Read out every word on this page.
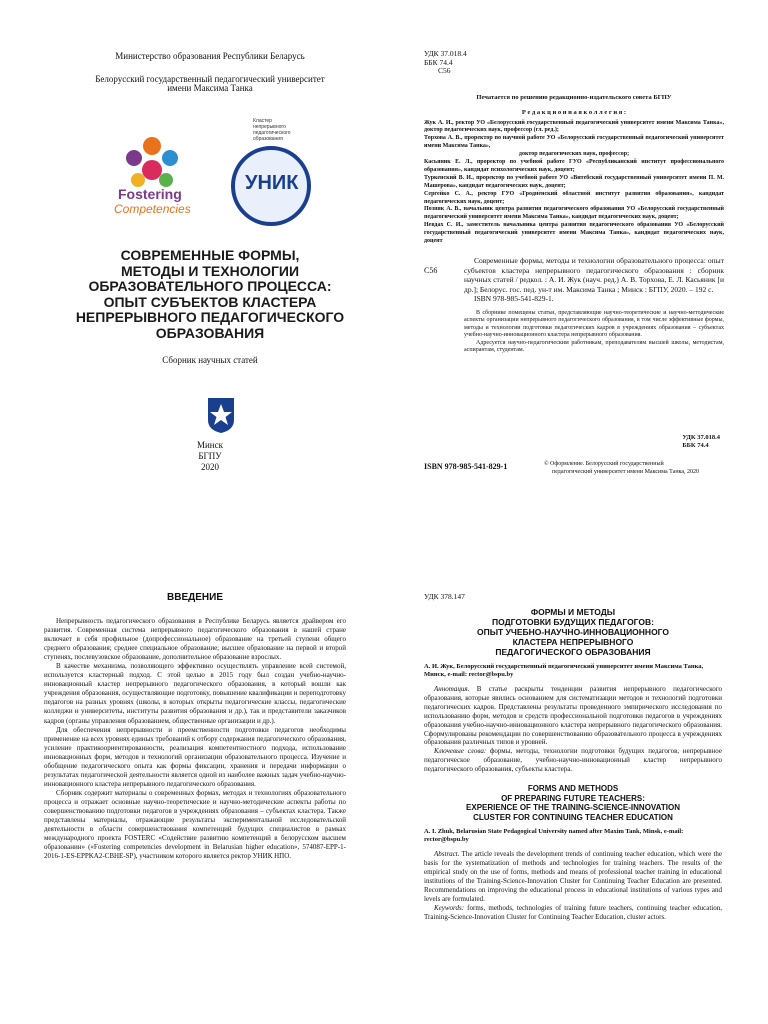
Министерство образования Республики Беларусь
Белорусский государственный педагогический университет
имени Максима Танка
Fostering
Competencies
Кластер
непрерывного
педагогического
образования
УНИК
СОВРЕМЕННЫЕ ФОРМЫ,
МЕТОДЫ И ТЕХНОЛОГИИ
ОБРАЗОВАТЕЛЬНОГО ПРОЦЕССА:
ОПЫТ СУБЪЕКТОВ КЛАСТЕРА
НЕПРЕРЫВНОГО ПЕДАГОГИЧЕСКОГО
ОБРАЗОВАНИЯ
Сборник научных статей
Минск
БГПУ
2020
УДК 37.018.4
ББК 74.4
С56
Печатается по решению редакционно-издательского совета БГПУ
Р е д а к ц и о н н а я к о л л е г и я :

Жук А. И., ректор УО «Белорусский государственный педагогический университет имени Максима Танка», доктор педагогических наук, профессор (гл. ред.);

Торхова А. В., проректор по научной работе УО «Белорусский государственный педагогический университет имени Максима Танка»,

доктор педагогических наук, профессор;

Касьяник Е. Л., проректор по учебной работе ГУО «Республиканский институт профессионального образования», кандидат психологических наук, доцент;

Туркенский В. И., проректор по учебной работе УО «Витебский государственный университет имени П. М. Машерова», кандидат педагогических наук, доцент;

Сергейко С. А., ректор ГУО «Гродненский областной институт развития образования», кандидат педагогических наук, доцент;

Позняк А. В., начальник центра развития педагогического образования УО «Белорусский государственный педагогический университет имени Максима Танка», кандидат педагогических наук, доцент;

Невдах С. И., заместитель начальника центра развития педагогического образования УО «Белорусский государственный педагогический университет имени Максима Танка», кандидат педагогических наук, доцент

С56
Современные формы, методы и технологии образовательного процесса: опыт субъектов кластера непрерывного педагогического образования : сборник научных статей / редкол. : А. И. Жук (науч. ред.) А. В. Торхова, Е. Л. Касьяник [и др.]; Белорус. гос. пед. ун-т им. Максима Танка ; Минск : БГПУ, 2020. – 192 с.
ISBN 978-985-541-829-1.

В сборнике помещены статьи, представляющие научно-теоретические и научно-методические аспекты организации непрерывного педагогического образования, в том числе эффективные формы, методы и технологии подготовки педагогических кадров в учреждениях образования – субъектах учебно-научно-инновационного кластера непрерывного образования.

Адресуется научно-педагогическим работникам, преподавателям высшей школы, методистам, аспирантам, студентам.

УДК 37.018.4
ББК 74.4
ISBN 978-985-541-829-1	© Оформление. Белорусский государственный
педагогический университет имени Максима Танка, 2020
ВВЕДЕНИЕ

Непрерывность педагогического образования в Республике Беларусь является драйвером его развития. Современная система непрерывного педагогического образования в нашей стране включает в себя профильное (допрофессиональное) образование на третьей ступени общего среднего образования; среднее специальное образование; высшее образование на первой и второй ступенях, послевузовское образование, дополнительное образование взрослых.

В качестве механизма, позволяющего эффективно осуществлять управление всей системой, используется кластерный подход. С этой целью в 2015 году был создан учебно-научно-инновационный кластер непрерывного педагогического образования, в который вошли как учреждения образования, осуществляющие подготовку, повышение квалификации и переподготовку педагогов на разных уровнях (школы, в которых открыты педагогические классы, педагогические колледжи и университеты, институты развития образования и др.), так и представители заказчиков кадров (органы управления образованием, общественные организации и др.).

Для обеспечения непрерывности и преемственности подготовки педагогов необходимы применение на всех уровнях единых требований к отбору содержания педагогического образования, усиление практикоориентированности, реализация компетентностного подхода, использование инновационных форм, методов и технологий организации образовательного процесса. Изучение и обобщение педагогического опыта как формы фиксации, хранения и передачи информации о результатах педагогической деятельности является одной из наиболее важных задач учебно-научно-инновационного кластера непрерывного педагогического образования.

Сборник содержит материалы о современных формах, методах и технологиях образовательного процесса и отражает основные научно-теоретические и научно-методические аспекты работы по совершенствованию подготовки педагогов в учреждениях образования – субъектах кластера. Также представлены материалы, отражающие результаты экспериментальной исследовательской деятельности в области совершенствования компетенций будущих специалистов в рамках международного проекта FOSTERC «Содействие развитию компетенций в белорусском высшем образовании» («Fostering competencies development in Belarusian higher education», 574087-EPP-1-2016-1-ES-EPPKA2-CBHE-SP), участником которого является ректор УНИК НПО.

УДК 378.147
ФОРМЫ И МЕТОДЫ
ПОДГОТОВКИ БУДУЩИХ ПЕДАГОГОВ:
ОПЫТ УЧЕБНО-НАУЧНО-ИННОВАЦИОННОГО
КЛАСТЕРА НЕПРЕРЫВНОГО
ПЕДАГОГИЧЕСКОГО ОБРАЗОВАНИЯ
А. И. Жук, Белорусский государственный педагогический университет имени Максима Танка, Минск, e-mail: rector@bspu.by
Аннотация. В статье раскрыты тенденции развития непрерывного педагогического образования, которые явились основанием для систематизации методов и технологий подготовки педагогических кадров. Представлены результаты проведенного эмпирического исследования по использованию форм, методов и средств профессиональной подготовки педагогов в учреждениях образования учебно-научно-инновационного кластера непрерывного педагогического образования. Сформулированы рекомендации по совершенствованию образовательного процесса в учреждениях образования различных типов и уровней.
Ключевые слова: формы, методы, технологии подготовки будущих педагогов, непрерывное педагогическое образование, учебно-научно-инновационный кластер непрерывного педагогического образования, субъекты кластера.
FORMS AND METHODS
OF PREPARING FUTURE TEACHERS:
EXPERIENCE OF THE TRAINING-SCIENCE-INNOVATION
CLUSTER FOR CONTINUING TEACHER EDUCATION
A. I. Zhuk, Belarusian State Pedagogical University named after Maxim Tank, Minsk, e-mail: rector@bspu.by
Abstract. The article reveals the development trends of continuing teacher education, which were the basis for the systematization of methods and technologies for training teachers. The results of the empirical study on the use of forms, methods and means of professional teacher training in educational institutions of the Training-Science-Innovation Cluster for Continuing Teacher Education are presented. Recommendations on improving the educational process in educational institutions of various types and levels are formulated.
Keywords: forms, methods, technologies of training future teachers, continuing teacher education, Training-Science-Innovation Cluster for Continuing Teacher Education, cluster actors.
